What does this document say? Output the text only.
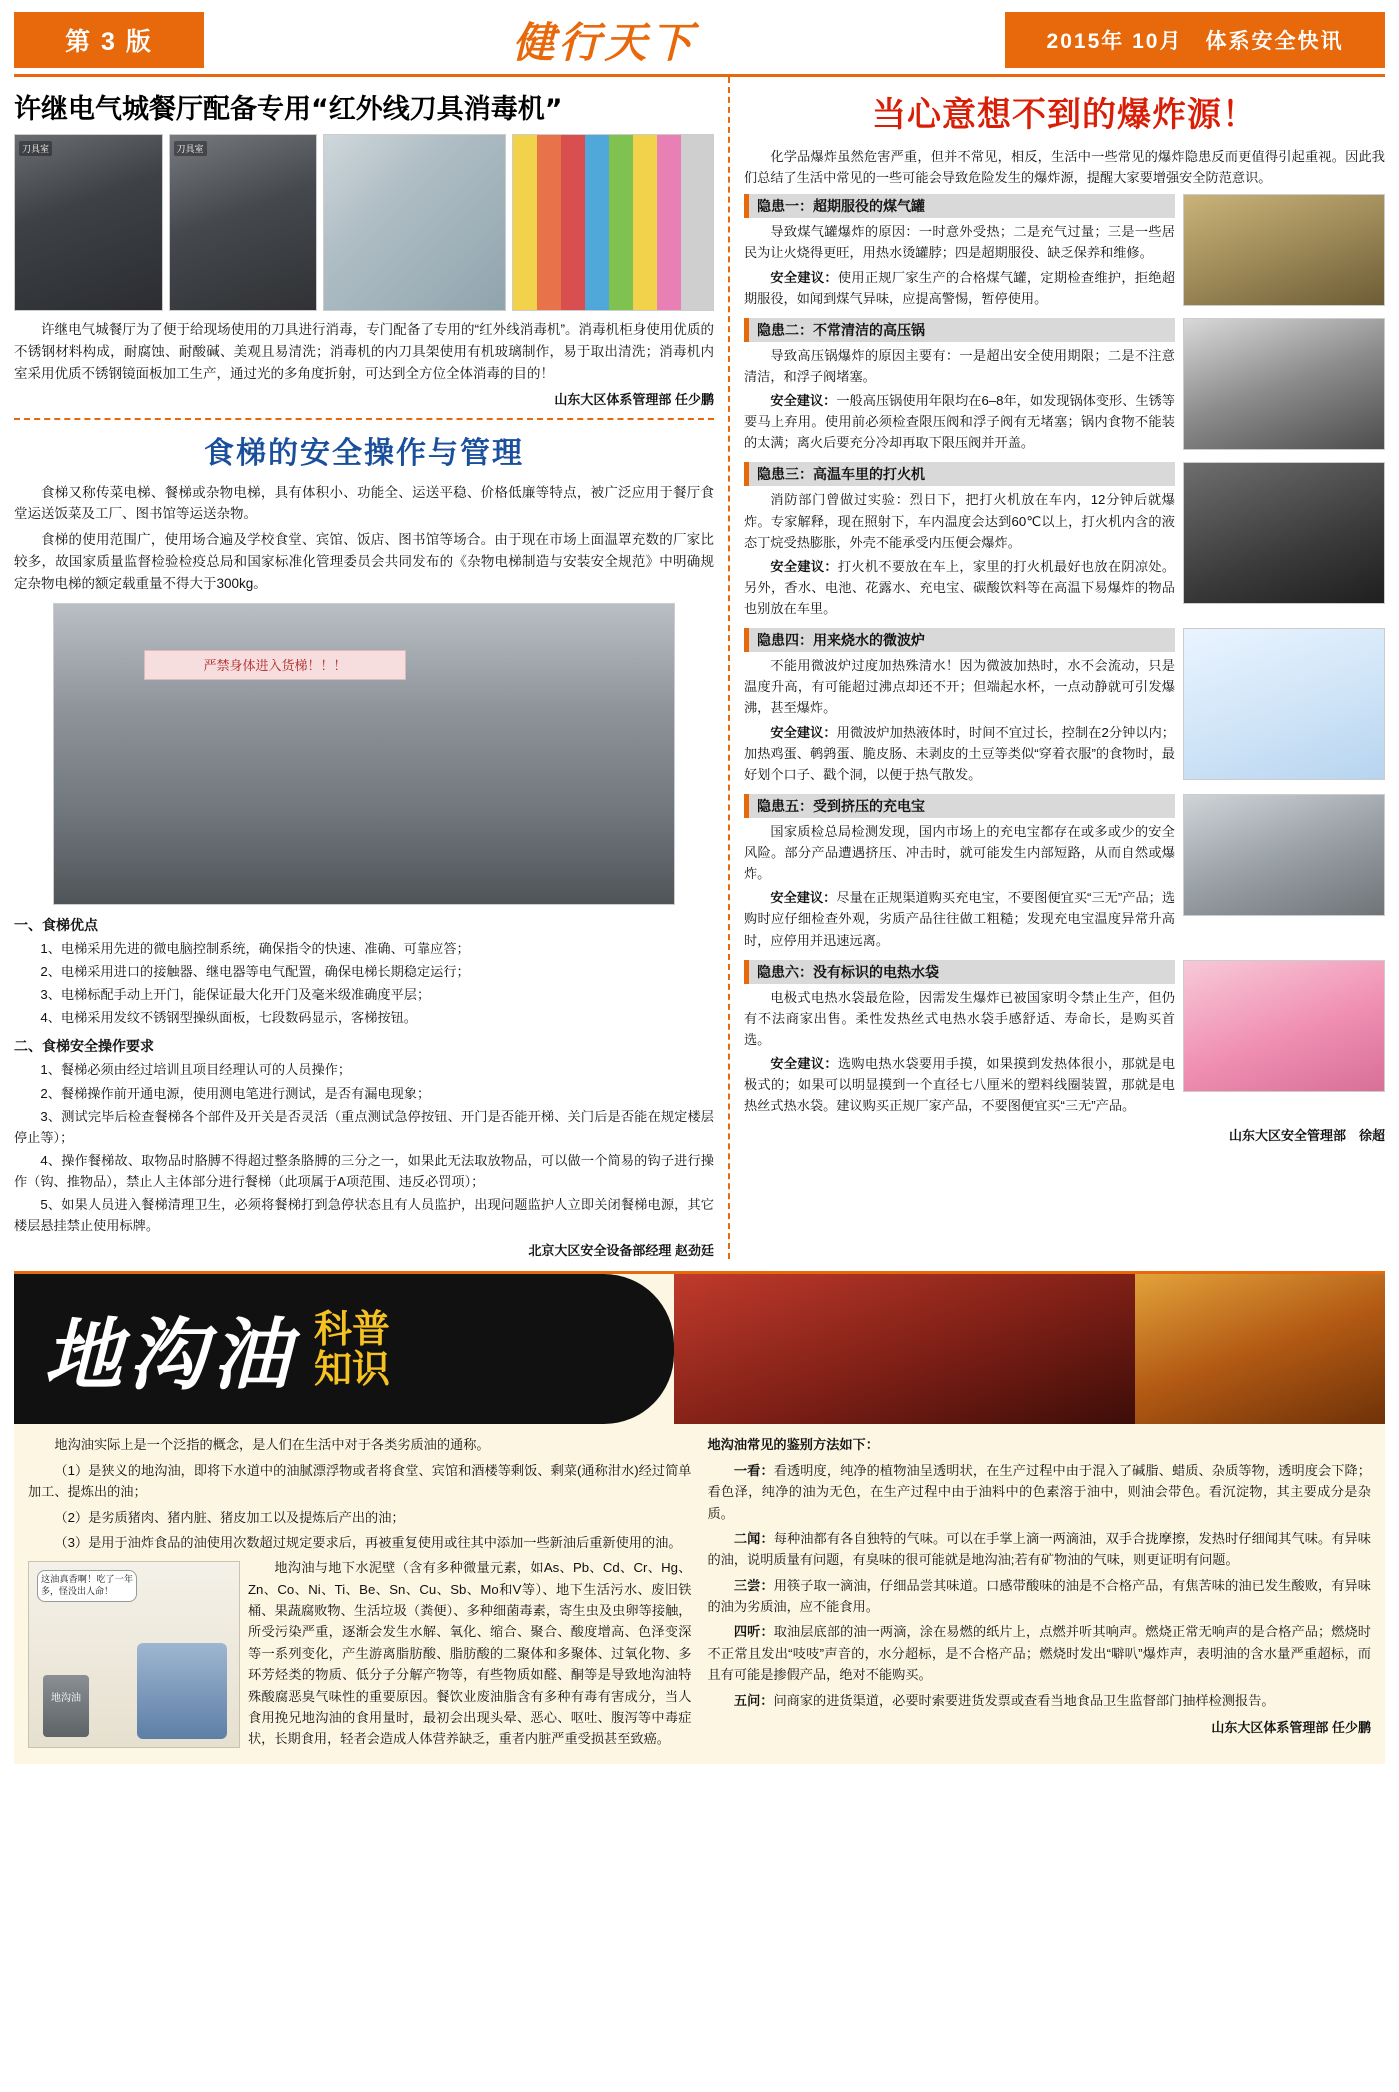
第 3 版	健行天下	2015年 10月　体系安全快讯
许继电气城餐厅配备专用“红外线刀具消毒机”
刀具室	刀具室

许继电气城餐厅为了便于给现场使用的刀具进行消毒，专门配备了专用的“红外线消毒机”。消毒机柜身使用优质的不锈钢材料构成，耐腐蚀、耐酸碱、美观且易清洗；消毒机的内刀具架使用有机玻璃制作，易于取出清洗；消毒机内室采用优质不锈钢镜面板加工生产，通过光的多角度折射，可达到全方位全体消毒的目的！

山东大区体系管理部 任少鹏
食梯的安全操作与管理

食梯又称传菜电梯、餐梯或杂物电梯，具有体积小、功能全、运送平稳、价格低廉等特点，被广泛应用于餐厅食堂运送饭菜及工厂、图书馆等运送杂物。

食梯的使用范围广，使用场合遍及学校食堂、宾馆、饭店、图书馆等场合。由于现在市场上面温罩充数的厂家比较多，故国家质量监督检验检疫总局和国家标准化管理委员会共同发布的《杂物电梯制造与安装安全规范》中明确规定杂物电梯的额定载重量不得大于300kg。

严禁身体进入货梯！！！
一、食梯优点
1、电梯采用先进的微电脑控制系统，确保指令的快速、准确、可靠应答；
2、电梯采用进口的接触器、继电器等电气配置，确保电梯长期稳定运行；
3、电梯标配手动上开门，能保证最大化开门及毫米级准确度平层；
4、电梯采用发纹不锈钢型操纵面板，七段数码显示，客梯按钮。
二、食梯安全操作要求
1、餐梯必须由经过培训且项目经理认可的人员操作；
2、餐梯操作前开通电源，使用测电笔进行测试，是否有漏电现象；
3、测试完毕后检查餐梯各个部件及开关是否灵活（重点测试急停按钮、开门是否能开梯、关门后是否能在规定楼层停止等）；
4、操作餐梯故、取物品时胳膊不得超过整条胳膊的三分之一，如果此无法取放物品，可以做一个简易的钩子进行操作（钩、推物品），禁止人主体部分进行餐梯（此项属于A项范围、违反必罚项）；
5、如果人员进入餐梯清理卫生，必须将餐梯打到急停状态且有人员监护，出现问题监护人立即关闭餐梯电源，其它楼层悬挂禁止使用标牌。
北京大区安全设备部经理 赵劲廷
当心意想不到的爆炸源！

化学品爆炸虽然危害严重，但并不常见，相反，生活中一些常见的爆炸隐患反而更值得引起重视。因此我们总结了生活中常见的一些可能会导致危险发生的爆炸源，提醒大家要增强安全防范意识。

隐患一：超期服役的煤气罐

导致煤气罐爆炸的原因：一时意外受热；二是充气过量；三是一些居民为让火烧得更旺，用热水烫罐脖；四是超期服役、缺乏保养和维修。

安全建议：使用正规厂家生产的合格煤气罐，定期检查维护，拒绝超期服役，如闻到煤气异味，应提高警惕，暂停使用。

隐患二：不常清洁的高压锅

导致高压锅爆炸的原因主要有：一是超出安全使用期限；二是不注意清洁，和浮子阀堵塞。

安全建议：一般高压锅使用年限均在6–8年，如发现锅体变形、生锈等要马上弃用。使用前必须检查限压阀和浮子阀有无堵塞；锅内食物不能装的太满；离火后要充分冷却再取下限压阀并开盖。

隐患三：高温车里的打火机

消防部门曾做过实验：烈日下，把打火机放在车内，12分钟后就爆炸。专家解释，现在照射下，车内温度会达到60℃以上，打火机内含的液态丁烷受热膨胀，外壳不能承受内压便会爆炸。

安全建议：打火机不要放在车上，家里的打火机最好也放在阴凉处。另外，香水、电池、花露水、充电宝、碳酸饮料等在高温下易爆炸的物品也别放在车里。

隐患四：用来烧水的微波炉

不能用微波炉过度加热殊清水！因为微波加热时，水不会流动，只是温度升高，有可能超过沸点却还不开；但端起水杯，一点动静就可引发爆沸，甚至爆炸。

安全建议：用微波炉加热液体时，时间不宜过长，控制在2分钟以内；加热鸡蛋、鹌鹑蛋、脆皮肠、未剥皮的土豆等类似“穿着衣服”的食物时，最好划个口子、戳个洞，以便于热气散发。

隐患五：受到挤压的充电宝

国家质检总局检测发现，国内市场上的充电宝都存在或多或少的安全风险。部分产品遭遇挤压、冲击时，就可能发生内部短路，从而自然或爆炸。

安全建议：尽量在正规渠道购买充电宝，不要图便宜买“三无”产品；选购时应仔细检查外观，劣质产品往往做工粗糙；发现充电宝温度异常升高时，应停用并迅速远离。

隐患六：没有标识的电热水袋

电极式电热水袋最危险，因需发生爆炸已被国家明令禁止生产，但仍有不法商家出售。柔性发热丝式电热水袋手感舒适、寿命长，是购买首选。

安全建议：选购电热水袋要用手摸，如果摸到发热体很小，那就是电极式的；如果可以明显摸到一个直径七八厘米的塑料线圈装置，那就是电热丝式热水袋。建议购买正规厂家产品，不要图便宜买“三无”产品。

山东大区安全管理部　徐超
地沟油 科普
知识

地沟油实际上是一个泛指的概念，是人们在生活中对于各类劣质油的通称。

（1）是狭义的地沟油，即将下水道中的油腻漂浮物或者将食堂、宾馆和酒楼等剩饭、剩菜(通称泔水)经过简单加工、提炼出的油；

（2）是劣质猪肉、猪内脏、猪皮加工以及提炼后产出的油；

（3）是用于油炸食品的油使用次数超过规定要求后，再被重复使用或往其中添加一些新油后重新使用的油。

这油真香啊！吃了一年多，怪没出人命！
地沟油

地沟油与地下水泥壁（含有多种微量元素，如As、Pb、Cd、Cr、Hg、Zn、Co、Ni、Ti、Be、Sn、Cu、Sb、Mo和V等）、地下生活污水、废旧铁桶、果蔬腐败物、生活垃圾（粪便）、多种细菌毒素，寄生虫及虫卵等接触，所受污染严重，逐渐会发生水解、氧化、缩合、聚合、酸度增高、色泽变深等一系列变化，产生游离脂肪酸、脂肪酸的二聚体和多聚体、过氧化物、多环芳烃类的物质、低分子分解产物等，有些物质如醛、酮等是导致地沟油特殊酸腐恶臭气味性的重要原因。餐饮业废油脂含有多种有毒有害成分，当人食用挽兄地沟油的食用量时，最初会出现头晕、恶心、呕吐、腹泻等中毒症状，长期食用，轻者会造成人体营养缺乏，重者内脏严重受损甚至致癌。

地沟油常见的鉴别方法如下：

一看：看透明度，纯净的植物油呈透明状，在生产过程中由于混入了碱脂、蜡质、杂质等物，透明度会下降；看色泽，纯净的油为无色，在生产过程中由于油料中的色素溶于油中，则油会带色。看沉淀物，其主要成分是杂质。

二闻：每种油都有各自独特的气味。可以在手掌上滴一两滴油，双手合拢摩擦，发热时仔细闻其气味。有异味的油，说明质量有问题，有臭味的很可能就是地沟油;若有矿物油的气味，则更证明有问题。

三尝：用筷子取一滴油，仔细品尝其味道。口感带酸味的油是不合格产品，有焦苦味的油已发生酸败，有异味的油为劣质油，应不能食用。

四听：取油层底部的油一两滴，涂在易燃的纸片上，点燃并听其响声。燃烧正常无响声的是合格产品；燃烧时不正常且发出“吱吱”声音的，水分超标，是不合格产品；燃烧时发出“噼叭”爆炸声，表明油的含水量严重超标，而且有可能是掺假产品，绝对不能购买。

五问：问商家的进货渠道，必要时索要进货发票或查看当地食品卫生监督部门抽样检测报告。

山东大区体系管理部 任少鹏
